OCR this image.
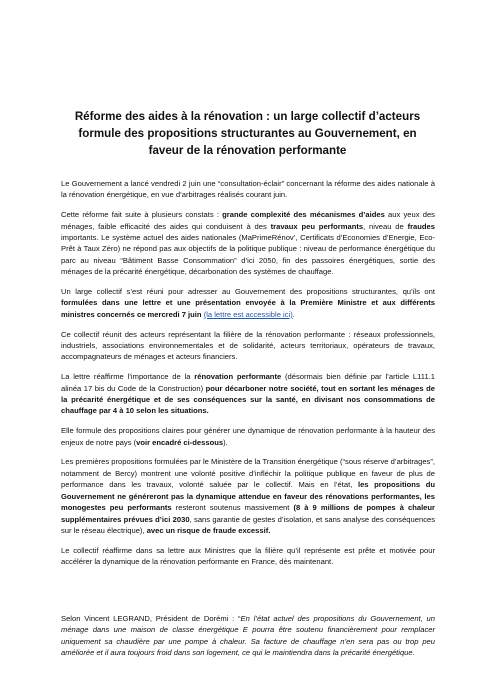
Réforme des aides à la rénovation : un large collectif d’acteurs formule des propositions structurantes au Gouvernement, en faveur de la rénovation performante

Le Gouvernement a lancé vendredi 2 juin une “consultation-éclair” concernant la réforme des aides nationale à la rénovation énergétique, en vue d’arbitrages réalisés courant juin.

Cette réforme fait suite à plusieurs constats : grande complexité des mécanismes d’aides aux yeux des ménages, faible efficacité des aides qui conduisent à des travaux peu performants, niveau de fraudes importants. Le système actuel des aides nationales (MaPrimeRénov’, Certificats d’Economies d’Energie, Eco-Prêt à Taux Zéro) ne répond pas aux objectifs de la politique publique : niveau de performance énergétique du parc au niveau “Bâtiment Basse Consommation” d’ici 2050, fin des passoires énergétiques, sortie des ménages de la précarité énergétique, décarbonation des systèmes de chauffage.

Un large collectif s’est réuni pour adresser au Gouvernement des propositions structurantes, qu’ils ont formulées dans une lettre et une présentation envoyée à la Première Ministre et aux différents ministres concernés ce mercredi 7 juin (la lettre est accessible ici).

Ce collectif réunit des acteurs représentant la filière de la rénovation performante : réseaux professionnels, industriels, associations environnementales et de solidarité, acteurs territoriaux, opérateurs de travaux, accompagnateurs de ménages et acteurs financiers.

La lettre réaffirme l’importance de la rénovation performante (désormais bien définie par l’article L111.1 alinéa 17 bis du Code de la Construction) pour décarboner notre société, tout en sortant les ménages de la précarité énergétique et de ses conséquences sur la santé, en divisant nos consommations de chauffage par 4 à 10 selon les situations.

Elle formule des propositions claires pour générer une dynamique de rénovation performante à la hauteur des enjeux de notre pays (voir encadré ci-dessous).

Les premières propositions formulées par le Ministère de la Transition énergétique (“sous réserve d’arbitrages”, notamment de Bercy) montrent une volonté positive d’infléchir la politique publique en faveur de plus de performance dans les travaux, volonté saluée par le collectif. Mais en l’état, les propositions du Gouvernement ne généreront pas la dynamique attendue en faveur des rénovations performantes, les monogestes peu performants resteront soutenus massivement (8 à 9 millions de pompes à chaleur supplémentaires prévues d’ici 2030, sans garantie de gestes d’isolation, et sans analyse des conséquences sur le réseau électrique), avec un risque de fraude excessif.

Le collectif réaffirme dans sa lettre aux Ministres que la filière qu’il représente est prête et motivée pour accélérer la dynamique de la rénovation performante en France, dès maintenant.

Selon Vincent LEGRAND, Président de Dorémi : “En l’état actuel des propositions du Gouvernement, un ménage dans une maison de classe énergétique E pourra être soutenu financièrement pour remplacer uniquement sa chaudière par une pompe à chaleur. Sa facture de chauffage n’en sera pas ou trop peu améliorée et il aura toujours froid dans son logement, ce qui le maintiendra dans la précarité énergétique.
